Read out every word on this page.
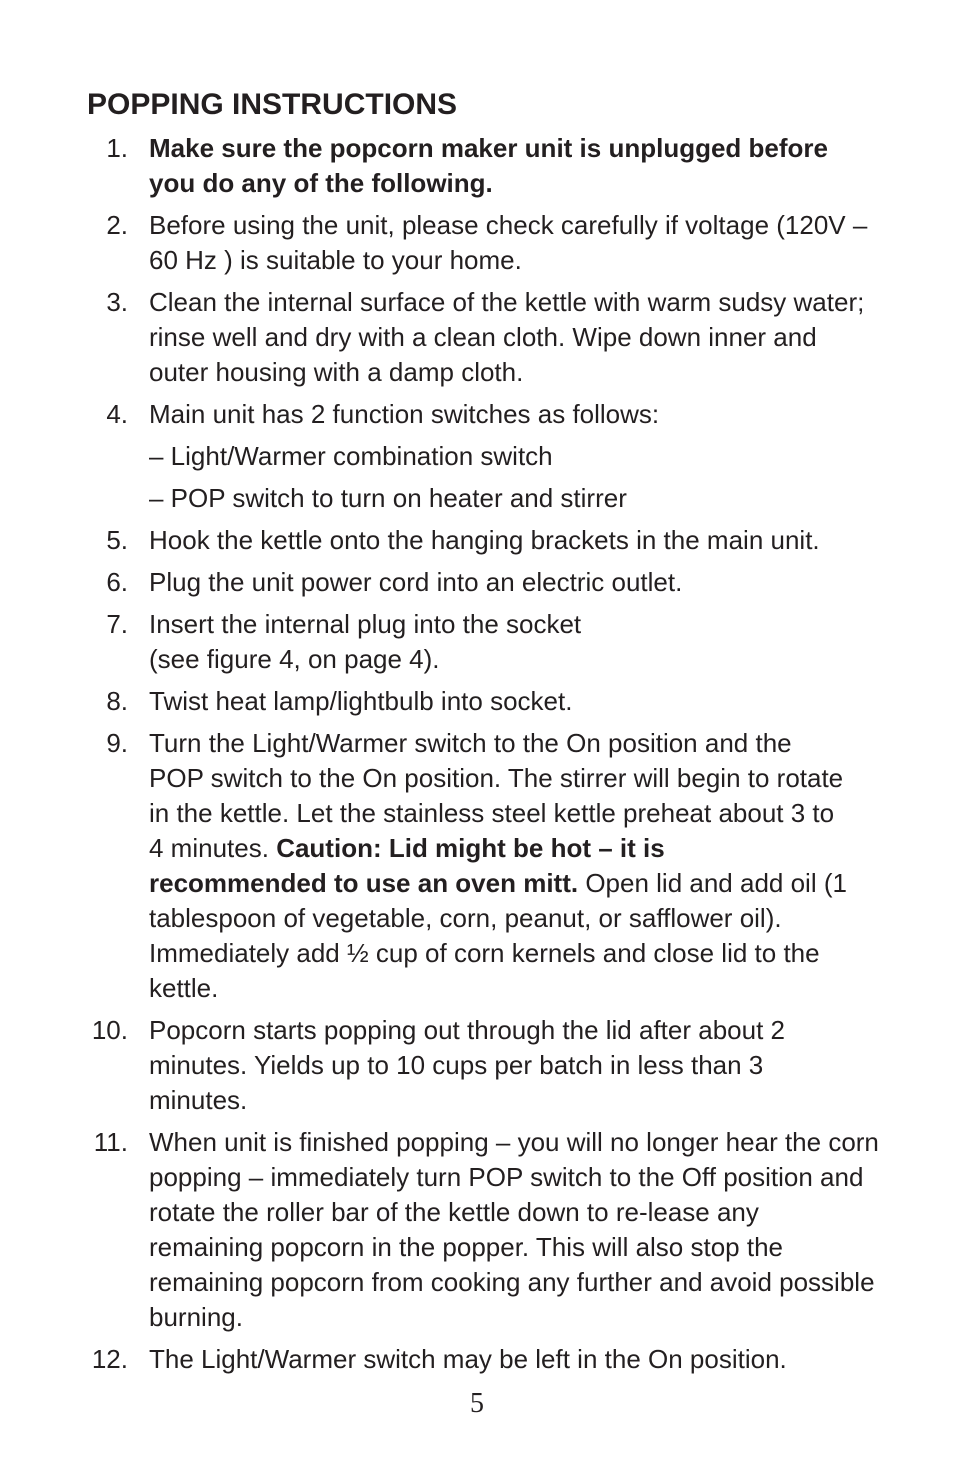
POPPING INSTRUCTIONS
1. Make sure the popcorn maker unit is unplugged before you do any of the following.
2. Before using the unit, please check carefully if voltage (120V – 60 Hz ) is suitable to your home.
3. Clean the internal surface of the kettle with warm sudsy water; rinse well and dry with a clean cloth. Wipe down inner and outer housing with a damp cloth.
4. Main unit has 2 function switches as follows:
– Light/Warmer combination switch
– POP switch to turn on heater and stirrer
5. Hook the kettle onto the hanging brackets in the main unit.
6. Plug the unit power cord into an electric outlet.
7. Insert the internal plug into the socket
(see figure 4, on page 4).
8. Twist heat lamp/lightbulb into socket.
9. Turn the Light/Warmer switch to the On position and the POP switch to the On position. The stirrer will begin to rotate in the kettle. Let the stainless steel kettle preheat about 3 to 4 minutes. Caution: Lid might be hot – it is recommended to use an oven mitt. Open lid and add oil (1 tablespoon of vegetable, corn, peanut, or safflower oil). Immediately add ½ cup of corn kernels and close lid to the kettle.
10. Popcorn starts popping out through the lid after about 2 minutes. Yields up to 10 cups per batch in less than 3 minutes.
11. When unit is finished popping – you will no longer hear the corn popping – immediately turn POP switch to the Off position and rotate the roller bar of the kettle down to re-lease any remaining popcorn in the popper. This will also stop the remaining popcorn from cooking any further and avoid possible burning.
12. The Light/Warmer switch may be left in the On position.
5
